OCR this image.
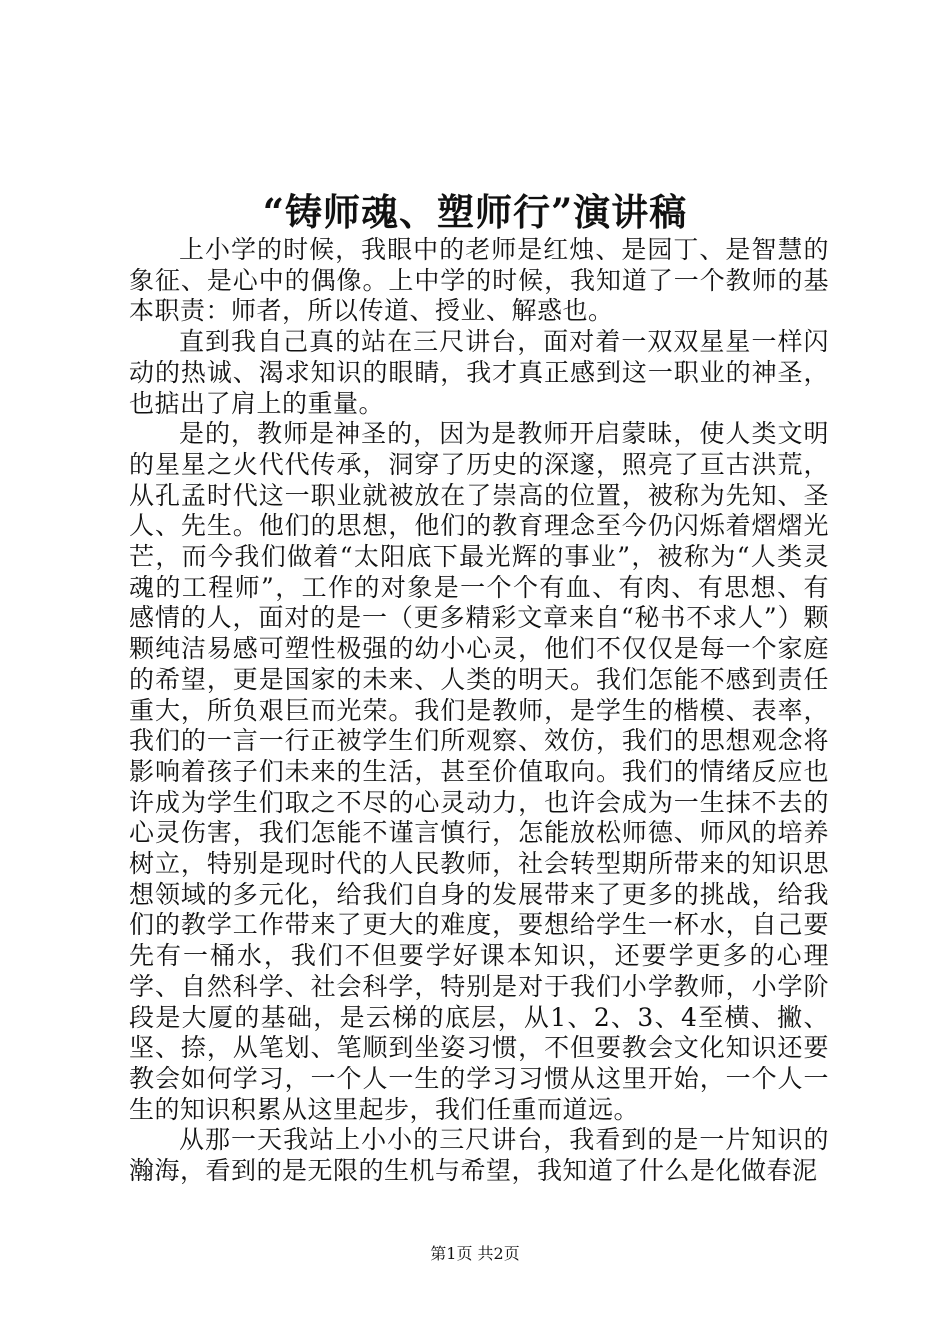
“铸师魂、塑师行”演讲稿

上小学的时候，我眼中的老师是红烛、是园丁、是智慧的象征、是心中的偶像。上中学的时候，我知道了一个教师的基本职责：师者，所以传道、授业、解惑也。

直到我自己真的站在三尺讲台，面对着一双双星星一样闪动的热诚、渴求知识的眼睛，我才真正感到这一职业的神圣，也掂出了肩上的重量。

是的，教师是神圣的，因为是教师开启蒙昧，使人类文明的星星之火代代传承，洞穿了历史的深邃，照亮了亘古洪荒，从孔孟时代这一职业就被放在了崇高的位置，被称为先知、圣人、先生。他们的思想，他们的教育理念至今仍闪烁着熠熠光芒，而今我们做着“太阳底下最光辉的事业”，被称为“人类灵魂的工程师”，工作的对象是一个个有血、有肉、有思想、有感情的人，面对的是一（更多精彩文章来自“秘书不求人”）颗颗纯洁易感可塑性极强的幼小心灵，他们不仅仅是每一个家庭的希望，更是国家的未来、人类的明天。我们怎能不感到责任重大，所负艰巨而光荣。我们是教师，是学生的楷模、表率，我们的一言一行正被学生们所观察、效仿，我们的思想观念将影响着孩子们未来的生活，甚至价值取向。我们的情绪反应也许成为学生们取之不尽的心灵动力，也许会成为一生抹不去的心灵伤害，我们怎能不谨言慎行，怎能放松师德、师风的培养树立，特别是现时代的人民教师，社会转型期所带来的知识思想领域的多元化，给我们自身的发展带来了更多的挑战，给我们的教学工作带来了更大的难度，要想给学生一杯水，自己要先有一桶水，我们不但要学好课本知识，还要学更多的心理学、自然科学、社会科学，特别是对于我们小学教师，小学阶段是大厦的基础，是云梯的底层，从1、2、3、4至横、撇、坚、捺，从笔划、笔顺到坐姿习惯，不但要教会文化知识还要教会如何学习，一个人一生的学习习惯从这里开始，一个人一生的知识积累从这里起步，我们任重而道远。

从那一天我站上小小的三尺讲台，我看到的是一片知识的瀚海，看到的是无限的生机与希望，我知道了什么是化做春泥

第1页 共2页
